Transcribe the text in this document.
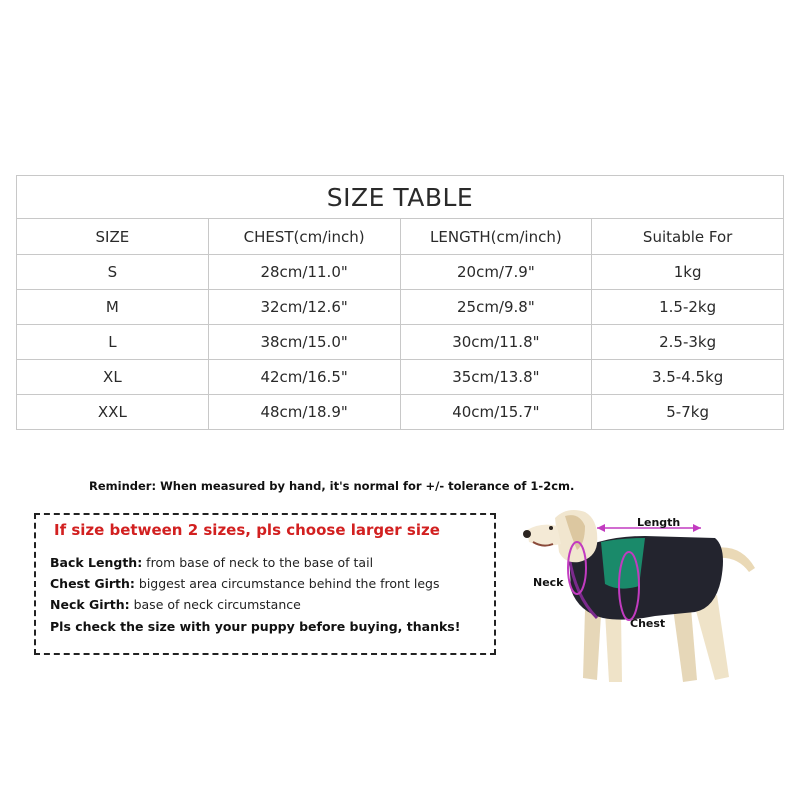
SIZE TABLE			
SIZE	CHEST(cm/inch)	LENGTH(cm/inch)	Suitable For
S	28cm/11.0"	20cm/7.9"	1kg
M	32cm/12.6"	25cm/9.8"	1.5-2kg
L	38cm/15.0"	30cm/11.8"	2.5-3kg
XL	42cm/16.5"	35cm/13.8"	3.5-4.5kg
XXL	48cm/18.9"	40cm/15.7"	5-7kg

Reminder: When measured by hand, it's normal for +/- tolerance of 1-2cm.

If size between 2 sizes, pls choose larger size

Back Length: from base of neck to the base of tail

Chest Girth: biggest area circumstance behind the front legs

Neck Girth: base of neck circumstance

Pls check the size with your puppy before buying, thanks!

Length
Neck
Chest
